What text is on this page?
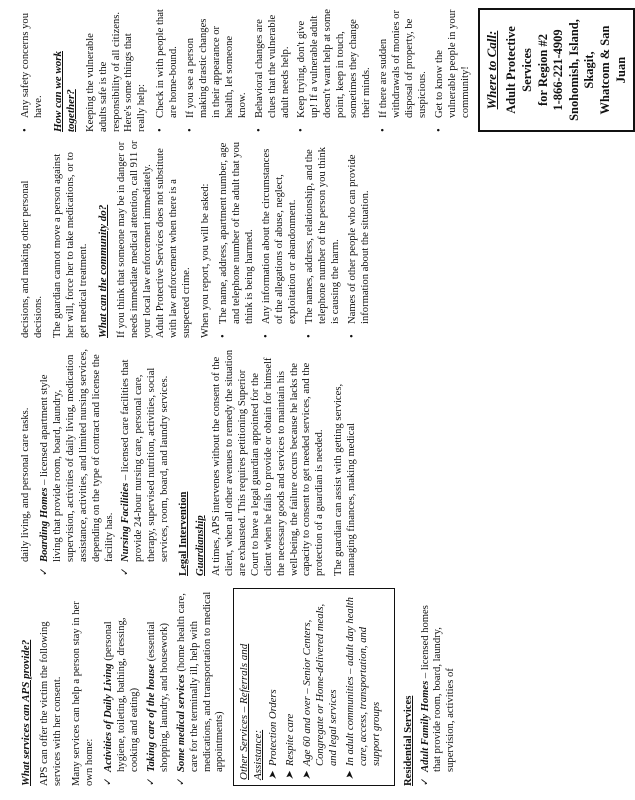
What services can APS provide? APS can offer the victim the following services with her consent. Many services can help a person stay in her own home: ✓
Activities of Daily Living (personal hygiene, toileting, bathing, dressing, cooking and eating)
✓
Taking care of the house (essential shopping, laundry, and housework)
✓
Some medical services (home health care, care for the terminally ill, help with medications, and transportation to medical appointments) Other Services – Referrals and Assistance: ➤
Protection Orders
➤
Respite care
➤
Age 60 and over – Senior Centers, Congregate or Home-delivered meals, and legal services
➤
In adult communities – adult day health care, access, transportation, and support groups Residential Services ✓
Adult Family Homes – licensed homes that provide room, board, laundry, supervision, activities of

daily living, and personal care tasks.

✓
Boarding Homes – licensed apartment style living that provide room, board, laundry, supervision, activities of daily living, medication assistance, activities, and limited nursing services, depending on the type of contract and license the facility has.
✓
Nursing Facilities – licensed care facilities that provide 24-hour nursing care, personal care, therapy, supervised nutrition, activities, social services, room, board, and laundry services. Legal Intervention Guardianship At times, APS intervenes without the consent of the client, when all other avenues to remedy the situation are exhausted. This requires petitioning Superior Court to have a legal guardian appointed for the client when he fails to provide or obtain for himself the necessary goods and services to maintain his well-being, the failure occurs because he lacks the capacity to consent to get needed services, and the protection of a guardian is needed. The guardian can assist with getting services, managing finances, making medical

decisions, and making other personal decisions. The guardian cannot move a person against her will, force her to take medications, or to get medical treatment. What can the community do? If you think that someone may be in danger or needs immediate medical attention, call 911 or your local law enforcement immediately. Adult Protective Services does not substitute with law enforcement when there is a suspected crime. When you report, you will be asked: •
The name, address, apartment number, age and telephone number of the adult that you think is being harmed.
•
Any information about the circumstances of the allegations of abuse, neglect, exploitation or abandonment.
•
The names, address, relationship, and the telephone number of the person you think is causing the harm.
•
Names of other people who can provide information about the situation.
•
Any safety concerns you have. How can we work together? Keeping the vulnerable adults safe is the responsibility of all citizens. Here's some things that really help: •
Check in with people that are home-bound.
•
If you see a person making drastic changes in their appearance or health, let someone know.
•
Behavioral changes are clues that the vulnerable adult needs help.
•
Keep trying, don't give up! If a vulnerable adult doesn't want help at some point, keep in touch, sometimes they change their minds.
•
If there are sudden withdrawals of monies or disposal of property, be suspicious.
•
Get to know the vulnerable people in your community! Where to Call: Adult Protective Services for Region #2 1-866-221-4909 Snohomish, Island, Skagit, Whatcom & San Juan
